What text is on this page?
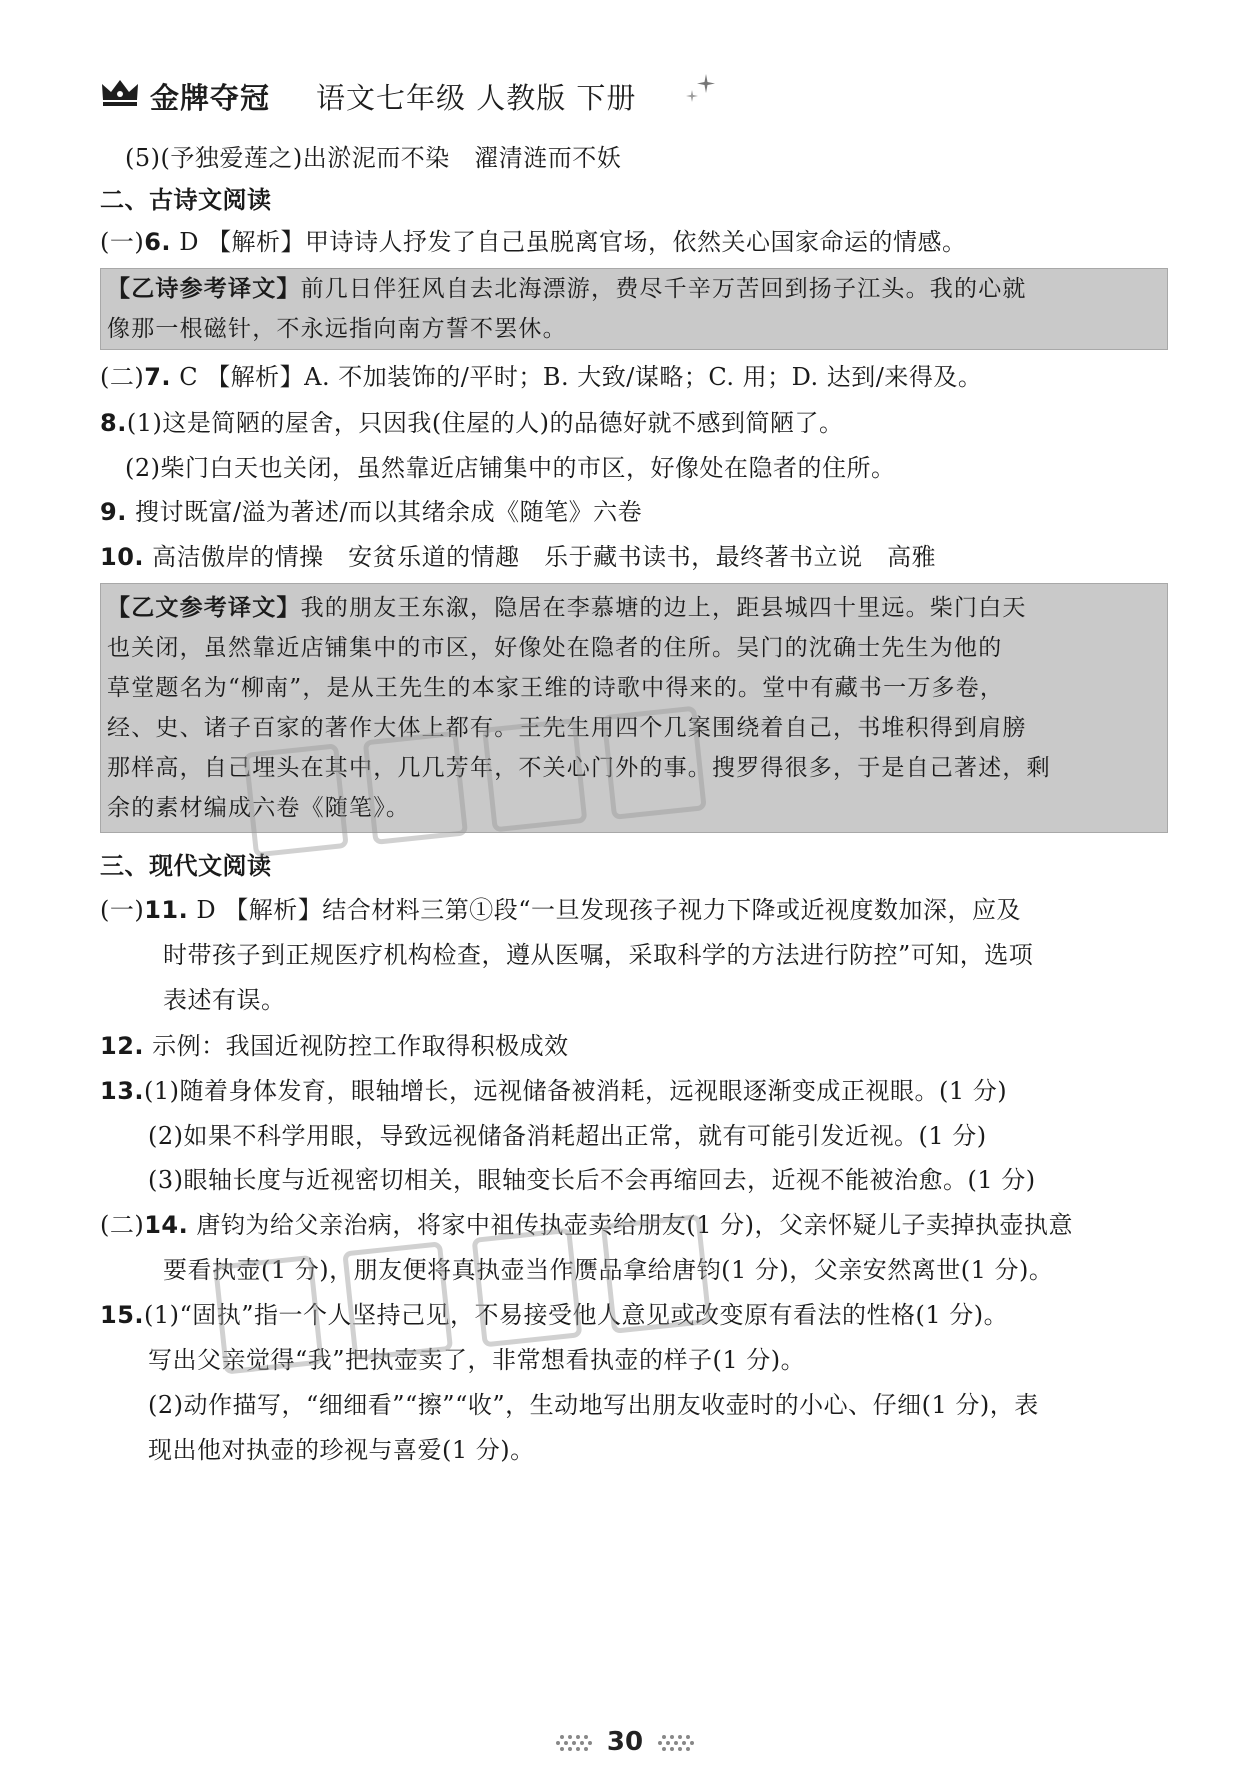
金牌夺冠 语文七年级 人教版 下册
(5)(予独爱莲之)出淤泥而不染　濯清涟而不妖
二、古诗文阅读
(一)6. D 【解析】甲诗诗人抒发了自己虽脱离官场，依然关心国家命运的情感。
【乙诗参考译文】前几日伴狂风自去北海漂游，费尽千辛万苦回到扬子江头。我的心就
像那一根磁针，不永远指向南方誓不罢休。
(二)7. C 【解析】A. 不加装饰的/平时；B. 大致/谋略；C. 用；D. 达到/来得及。
8.(1)这是简陋的屋舍，只因我(住屋的人)的品德好就不感到简陋了。
(2)柴门白天也关闭，虽然靠近店铺集中的市区，好像处在隐者的住所。
9. 搜讨既富/溢为著述/而以其绪余成《随笔》六卷
10. 高洁傲岸的情操　安贫乐道的情趣　乐于藏书读书，最终著书立说　高雅
【乙文参考译文】我的朋友王东溆，隐居在李慕塘的边上，距县城四十里远。柴门白天
也关闭，虽然靠近店铺集中的市区，好像处在隐者的住所。吴门的沈确士先生为他的
草堂题名为“柳南”，是从王先生的本家王维的诗歌中得来的。堂中有藏书一万多卷，
经、史、诸子百家的著作大体上都有。王先生用四个几案围绕着自己，书堆积得到肩膀
那样高，自己埋头在其中，几几芳年，不关心门外的事。搜罗得很多，于是自己著述，剩
余的素材编成六卷《随笔》。
三、现代文阅读
(一)11. D 【解析】结合材料三第①段“一旦发现孩子视力下降或近视度数加深，应及
时带孩子到正规医疗机构检查，遵从医嘱，采取科学的方法进行防控”可知，选项
表述有误。
12. 示例：我国近视防控工作取得积极成效
13.(1)随着身体发育，眼轴增长，远视储备被消耗，远视眼逐渐变成正视眼。(1 分)
(2)如果不科学用眼，导致远视储备消耗超出正常，就有可能引发近视。(1 分)
(3)眼轴长度与近视密切相关，眼轴变长后不会再缩回去，近视不能被治愈。(1 分)
(二)14. 唐钧为给父亲治病，将家中祖传执壶卖给朋友(1 分)，父亲怀疑儿子卖掉执壶执意
要看执壶(1 分)，朋友便将真执壶当作赝品拿给唐钧(1 分)，父亲安然离世(1 分)。
15.(1)“固执”指一个人坚持己见，不易接受他人意见或改变原有看法的性格(1 分)。
写出父亲觉得“我”把执壶卖了，非常想看执壶的样子(1 分)。
(2)动作描写，“细细看”“擦”“收”，生动地写出朋友收壶时的小心、仔细(1 分)，表
现出他对执壶的珍视与喜爱(1 分)。
30
